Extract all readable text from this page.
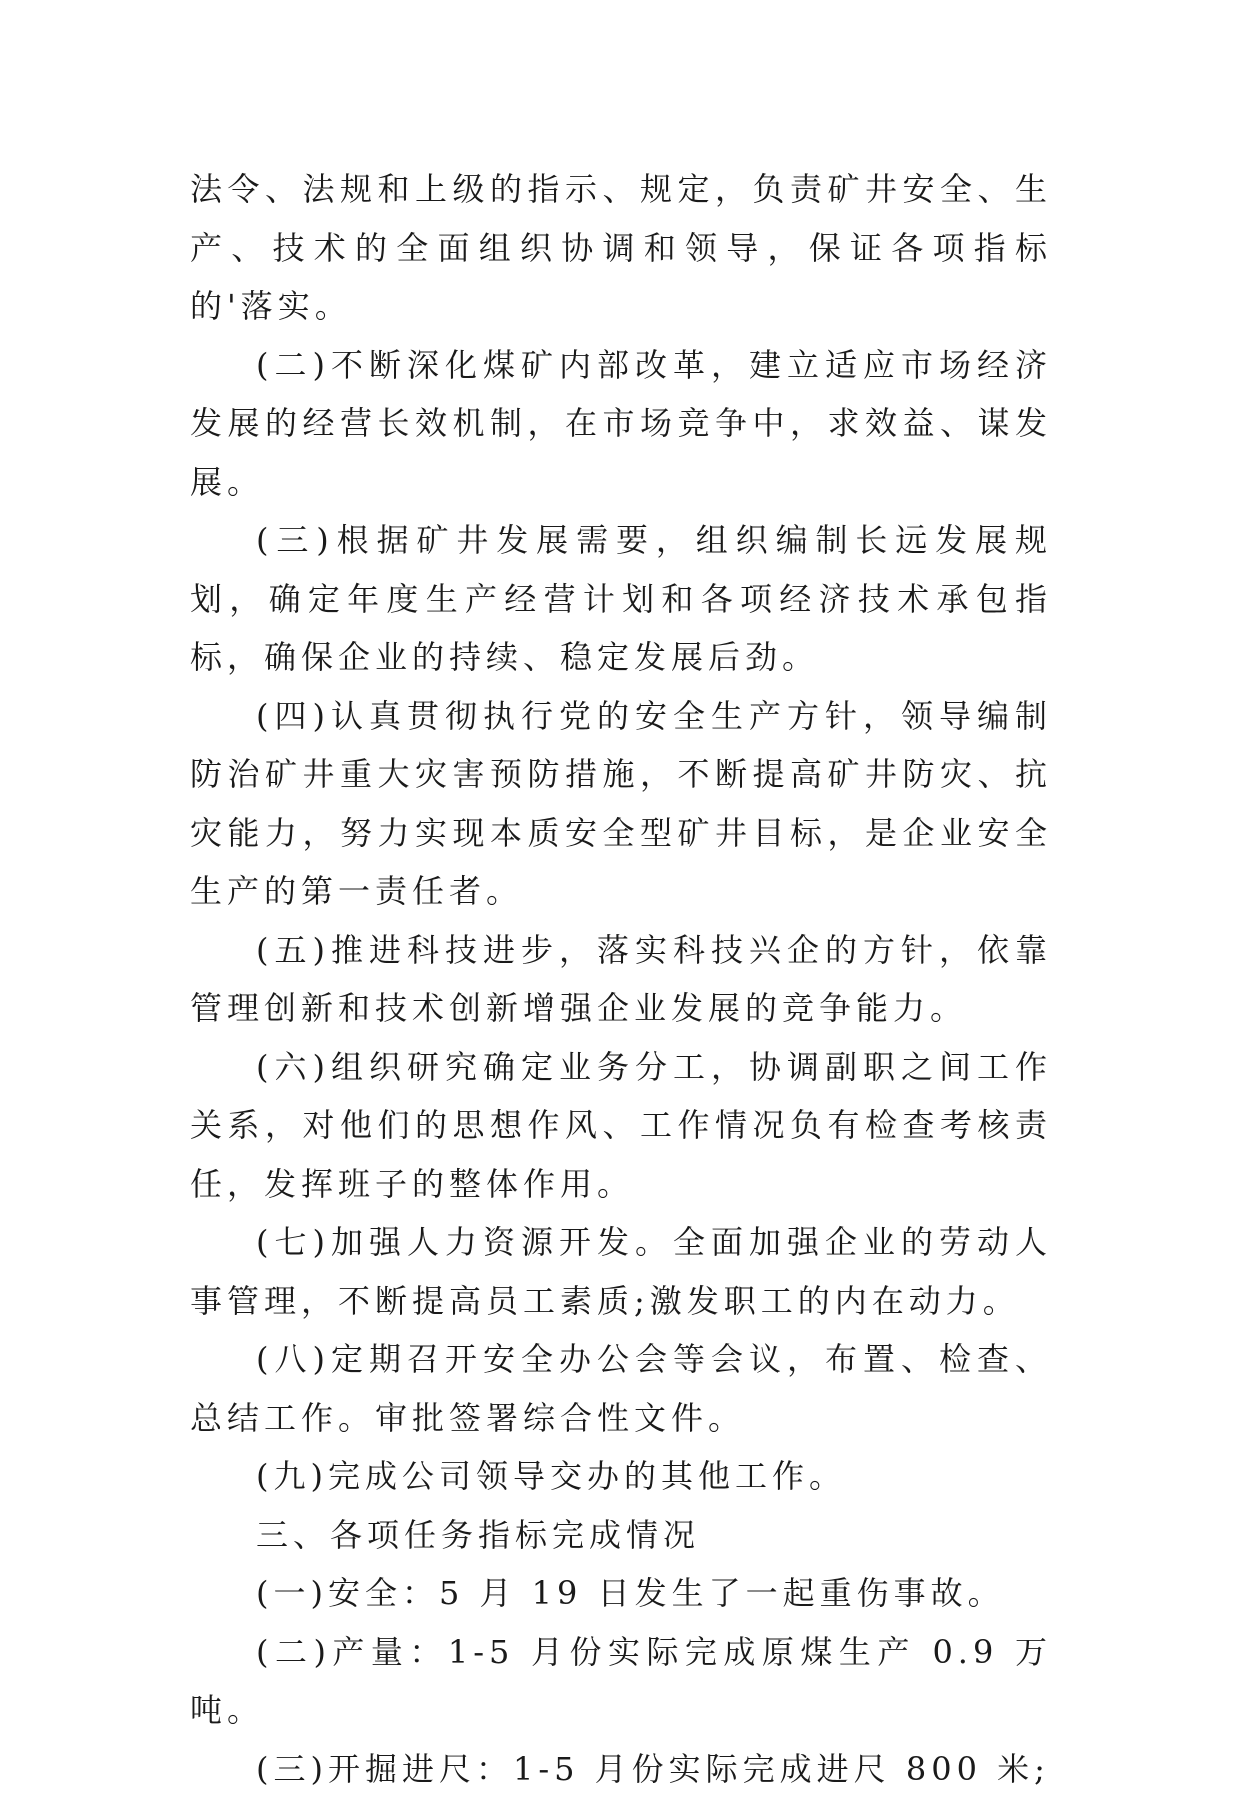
法令、法规和上级的指示、规定，负责矿井安全、生产、技术的全面组织协调和领导，保证各项指标的'落实。

(二)不断深化煤矿内部改革，建立适应市场经济发展的经营长效机制，在市场竞争中，求效益、谋发展。

(三)根据矿井发展需要，组织编制长远发展规划，确定年度生产经营计划和各项经济技术承包指标，确保企业的持续、稳定发展后劲。

(四)认真贯彻执行党的安全生产方针，领导编制防治矿井重大灾害预防措施，不断提高矿井防灾、抗灾能力，努力实现本质安全型矿井目标，是企业安全生产的第一责任者。

(五)推进科技进步，落实科技兴企的方针，依靠管理创新和技术创新增强企业发展的竞争能力。

(六)组织研究确定业务分工，协调副职之间工作关系，对他们的思想作风、工作情况负有检查考核责任，发挥班子的整体作用。

(七)加强人力资源开发。全面加强企业的劳动人事管理，不断提高员工素质;激发职工的内在动力。

(八)定期召开安全办公会等会议，布置、检查、总结工作。审批签署综合性文件。

(九)完成公司领导交办的其他工作。

三、各项任务指标完成情况

(一)安全：5 月 19 日发生了一起重伤事故。

(二)产量：1-5 月份实际完成原煤生产 0.9 万吨。

(三)开掘进尺：1-5 月份实际完成进尺 800 米;
